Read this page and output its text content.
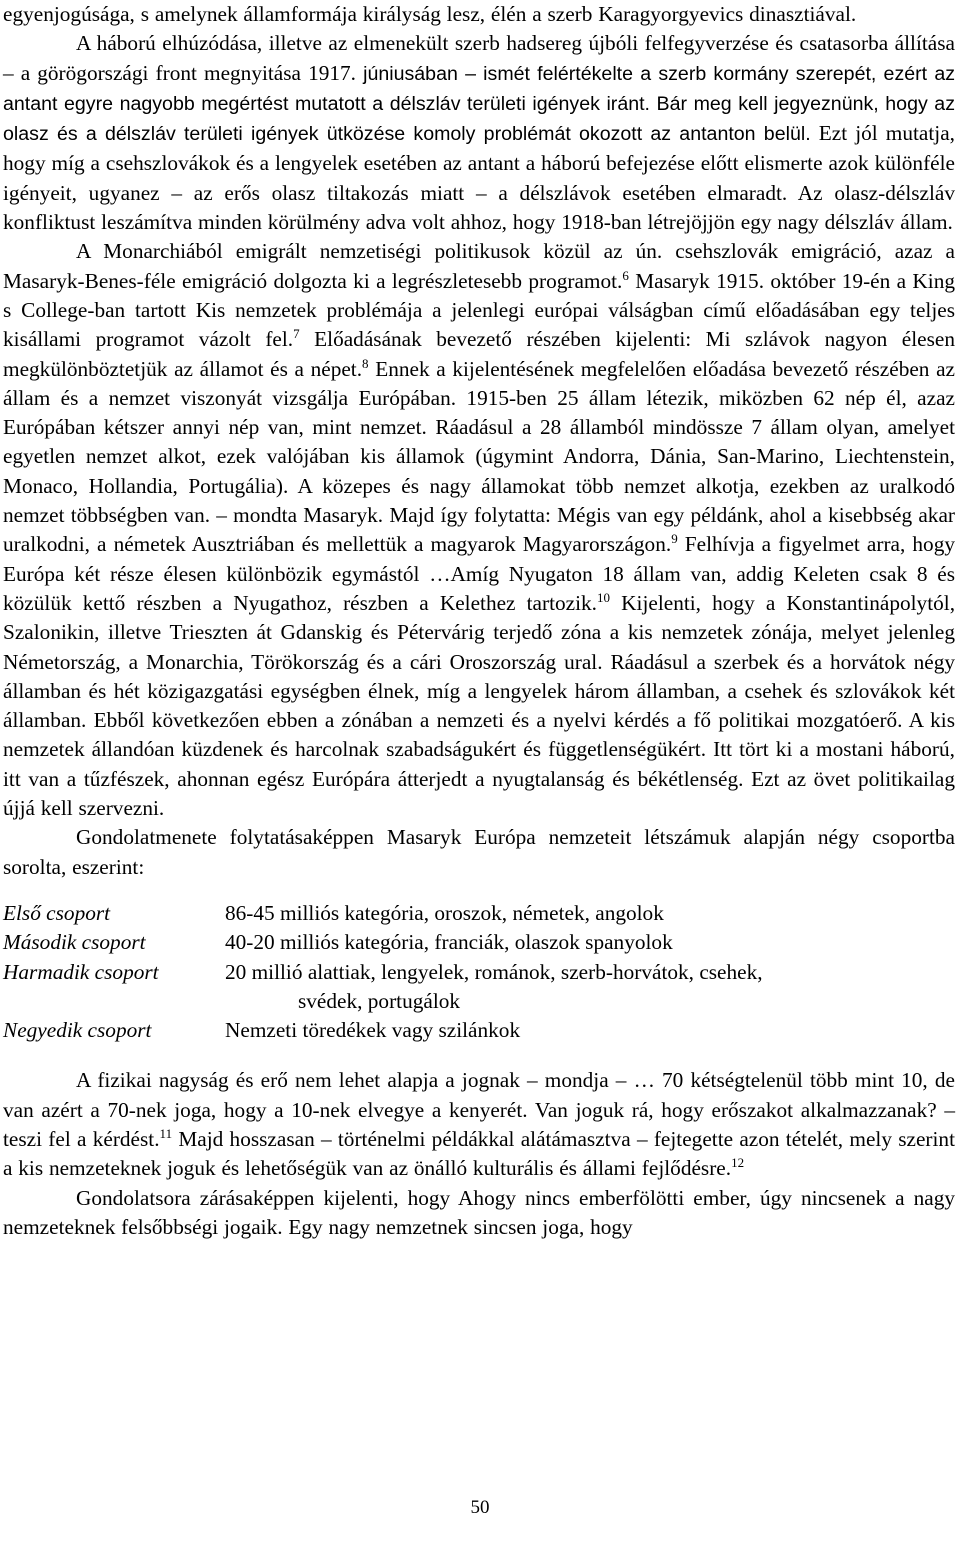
egyenjogúsága, s amelynek államformája királyság lesz, élén a szerb Karagyorgyevics dinasztiával.

A háború elhúzódása, illetve az elmenekült szerb hadsereg újbóli felfegyverzése és csatasorba állítása – a görögországi front megnyitása 1917. júniusában – ismét felértékelte a szerb kormány szerepét, ezért az antant egyre nagyobb megértést mutatott a délszláv területi igények iránt. Bár meg kell jegyeznünk, hogy az olasz és a délszláv területi igények ütközése komoly problémát okozott az antanton belül. Ezt jól mutatja, hogy míg a csehszlovákok és a lengyelek esetében az antant a háború befejezése előtt elismerte azok különféle igényeit, ugyanez – az erős olasz tiltakozás miatt – a délszlávok esetében elmaradt. Az olasz-délszláv konfliktust leszámítva minden körülmény adva volt ahhoz, hogy 1918-ban létrejöjjön egy nagy délszláv állam.

A Monarchiából emigrált nemzetiségi politikusok közül az ún. csehszlovák emigráció, azaz a Masaryk-Benes-féle emigráció dolgozta ki a legrészletesebb programot.$^6$ Masaryk 1915. október 19-én a King s College-ban tartott Kis nemzetek problémája a jelenlegi európai válságban című előadásában egy teljes kisállami programot vázolt fel.$^7$ Előadásának bevezető részében kijelenti: Mi szlávok nagyon élesen megkülönböztetjük az államot és a népet.$^8$ Ennek a kijelentésének megfelelően előadása bevezető részében az állam és a nemzet viszonyát vizsgálja Európában. 1915-ben 25 állam létezik, miközben 62 nép él, azaz Európában kétszer annyi nép van, mint nemzet. Ráadásul a 28 államból mindössze 7 állam olyan, amelyet egyetlen nemzet alkot, ezek valójában kis államok (úgymint Andorra, Dánia, San-Marino, Liechtenstein, Monaco, Hollandia, Portugália). A közepes és nagy államokat több nemzet alkotja, ezekben az uralkodó nemzet többségben van. – mondta Masaryk. Majd így folytatta: Mégis van egy példánk, ahol a kisebbség akar uralkodni, a németek Ausztriában és mellettük a magyarok Magyarországon.$^9$ Felhívja a figyelmet arra, hogy Európa két része élesen különbözik egymástól …Amíg Nyugaton 18 állam van, addig Keleten csak 8 és közülük kettő részben a Nyugathoz, részben a Kelethez tartozik.$^{10}$ Kijelenti, hogy a Konstantinápolytól, Szalonikin, illetve Trieszten át Gdanskig és Pétervárig terjedő zóna a kis nemzetek zónája, melyet jelenleg Németország, a Monarchia, Törökország és a cári Oroszország ural. Ráadásul a szerbek és a horvátok négy államban és hét közigazgatási egységben élnek, míg a lengyelek három államban, a csehek és szlovákok két államban. Ebből következően ebben a zónában a nemzeti és a nyelvi kérdés a fő politikai mozgatóerő. A kis nemzetek állandóan küzdenek és harcolnak szabadságukért és függetlenségükért. Itt tört ki a mostani háború, itt van a tűzfészek, ahonnan egész Európára átterjedt a nyugtalanság és békétlenség. Ezt az övet politikailag újjá kell szervezni.

Gondolatmenete folytatásaképpen Masaryk Európa nemzeteit létszámuk alapján négy csoportba sorolta, eszerint:

Első csoport	86-45 milliós kategória, oroszok, németek, angolok
Második csoport	40-20 milliós kategória, franciák, olaszok spanyolok
Harmadik csoport	20 millió alattiak, lengyelek, románok, szerb-horvátok, csehek,
svédek, portugálok

Negyedik csoport	Nemzeti töredékek vagy szilánkok

A fizikai nagyság és erő nem lehet alapja a jognak – mondja – … 70 kétségtelenül több mint 10, de van azért a 70-nek joga, hogy a 10-nek elvegye a kenyerét. Van joguk rá, hogy erőszakot alkalmazzanak? – teszi fel a kérdést.$^{11}$ Majd hosszasan – történelmi példákkal alátámasztva – fejtegette azon tételét, mely szerint a kis nemzeteknek joguk és lehetőségük van az önálló kulturális és állami fejlődésre.$^{12}$

Gondolatsora zárásaképpen kijelenti, hogy Ahogy nincs emberfölötti ember, úgy nincsenek a nagy nemzeteknek felsőbbségi jogaik. Egy nagy nemzetnek sincsen joga, hogy

50
